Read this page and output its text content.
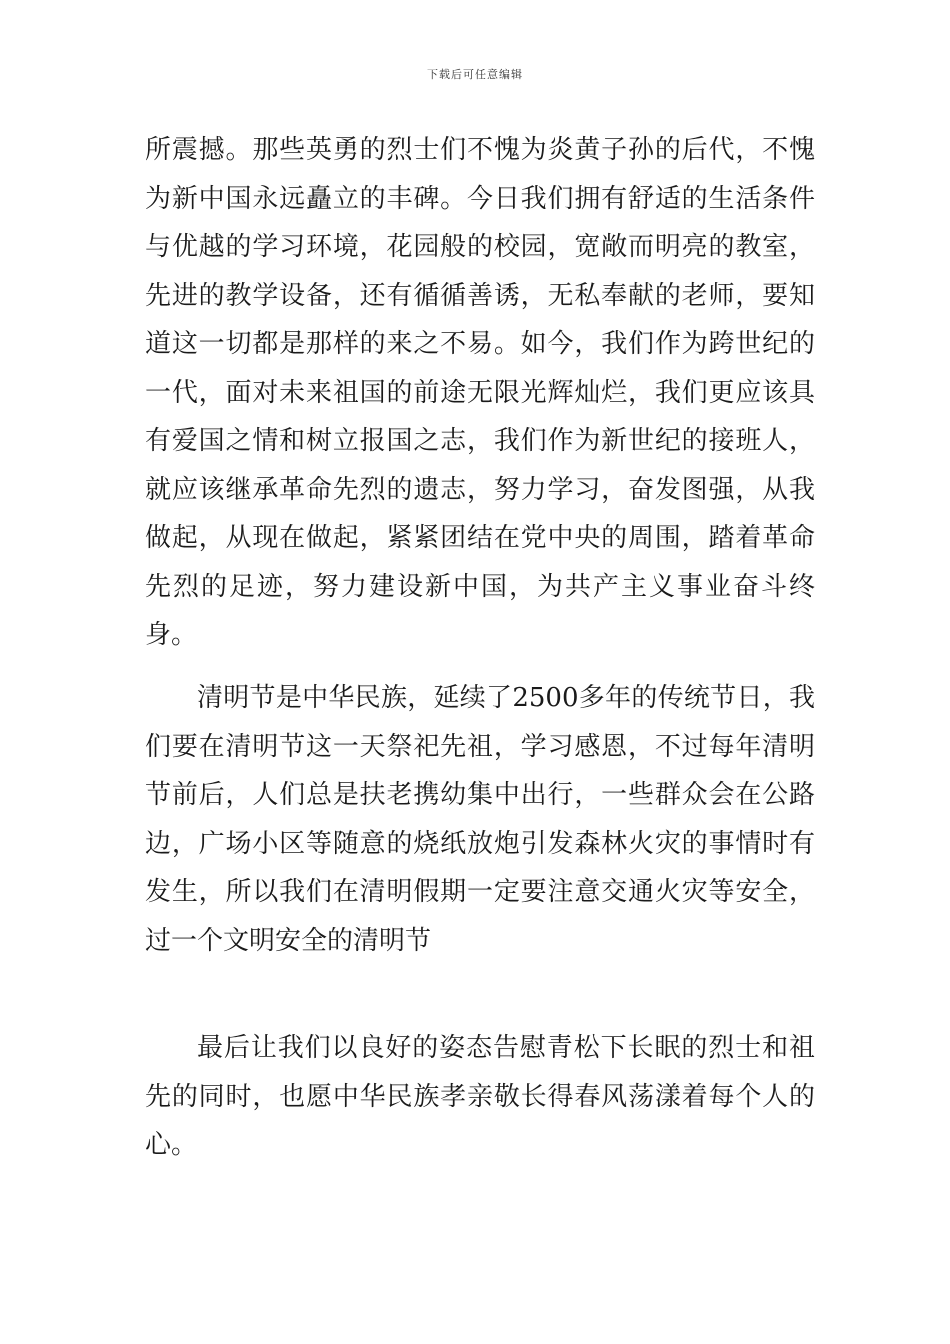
下载后可任意编辑

所震撼。那些英勇的烈士们不愧为炎黄子孙的后代，不愧为新中国永远矗立的丰碑。今日我们拥有舒适的生活条件与优越的学习环境，花园般的校园，宽敞而明亮的教室，先进的教学设备，还有循循善诱，无私奉献的老师，要知道这一切都是那样的来之不易。如今，我们作为跨世纪的一代，面对未来祖国的前途无限光辉灿烂，我们更应该具有爱国之情和树立报国之志，我们作为新世纪的接班人，就应该继承革命先烈的遗志，努力学习，奋发图强，从我做起，从现在做起，紧紧团结在党中央的周围，踏着革命先烈的足迹，努力建设新中国，为共产主义事业奋斗终身。

清明节是中华民族，延续了2500多年的传统节日，我们要在清明节这一天祭祀先祖，学习感恩，不过每年清明节前后，人们总是扶老携幼集中出行，一些群众会在公路边，广场小区等随意的烧纸放炮引发森林火灾的事情时有发生，所以我们在清明假期一定要注意交通火灾等安全，过一个文明安全的清明节

最后让我们以良好的姿态告慰青松下长眠的烈士和祖先的同时，也愿中华民族孝亲敬长得春风荡漾着每个人的心。
